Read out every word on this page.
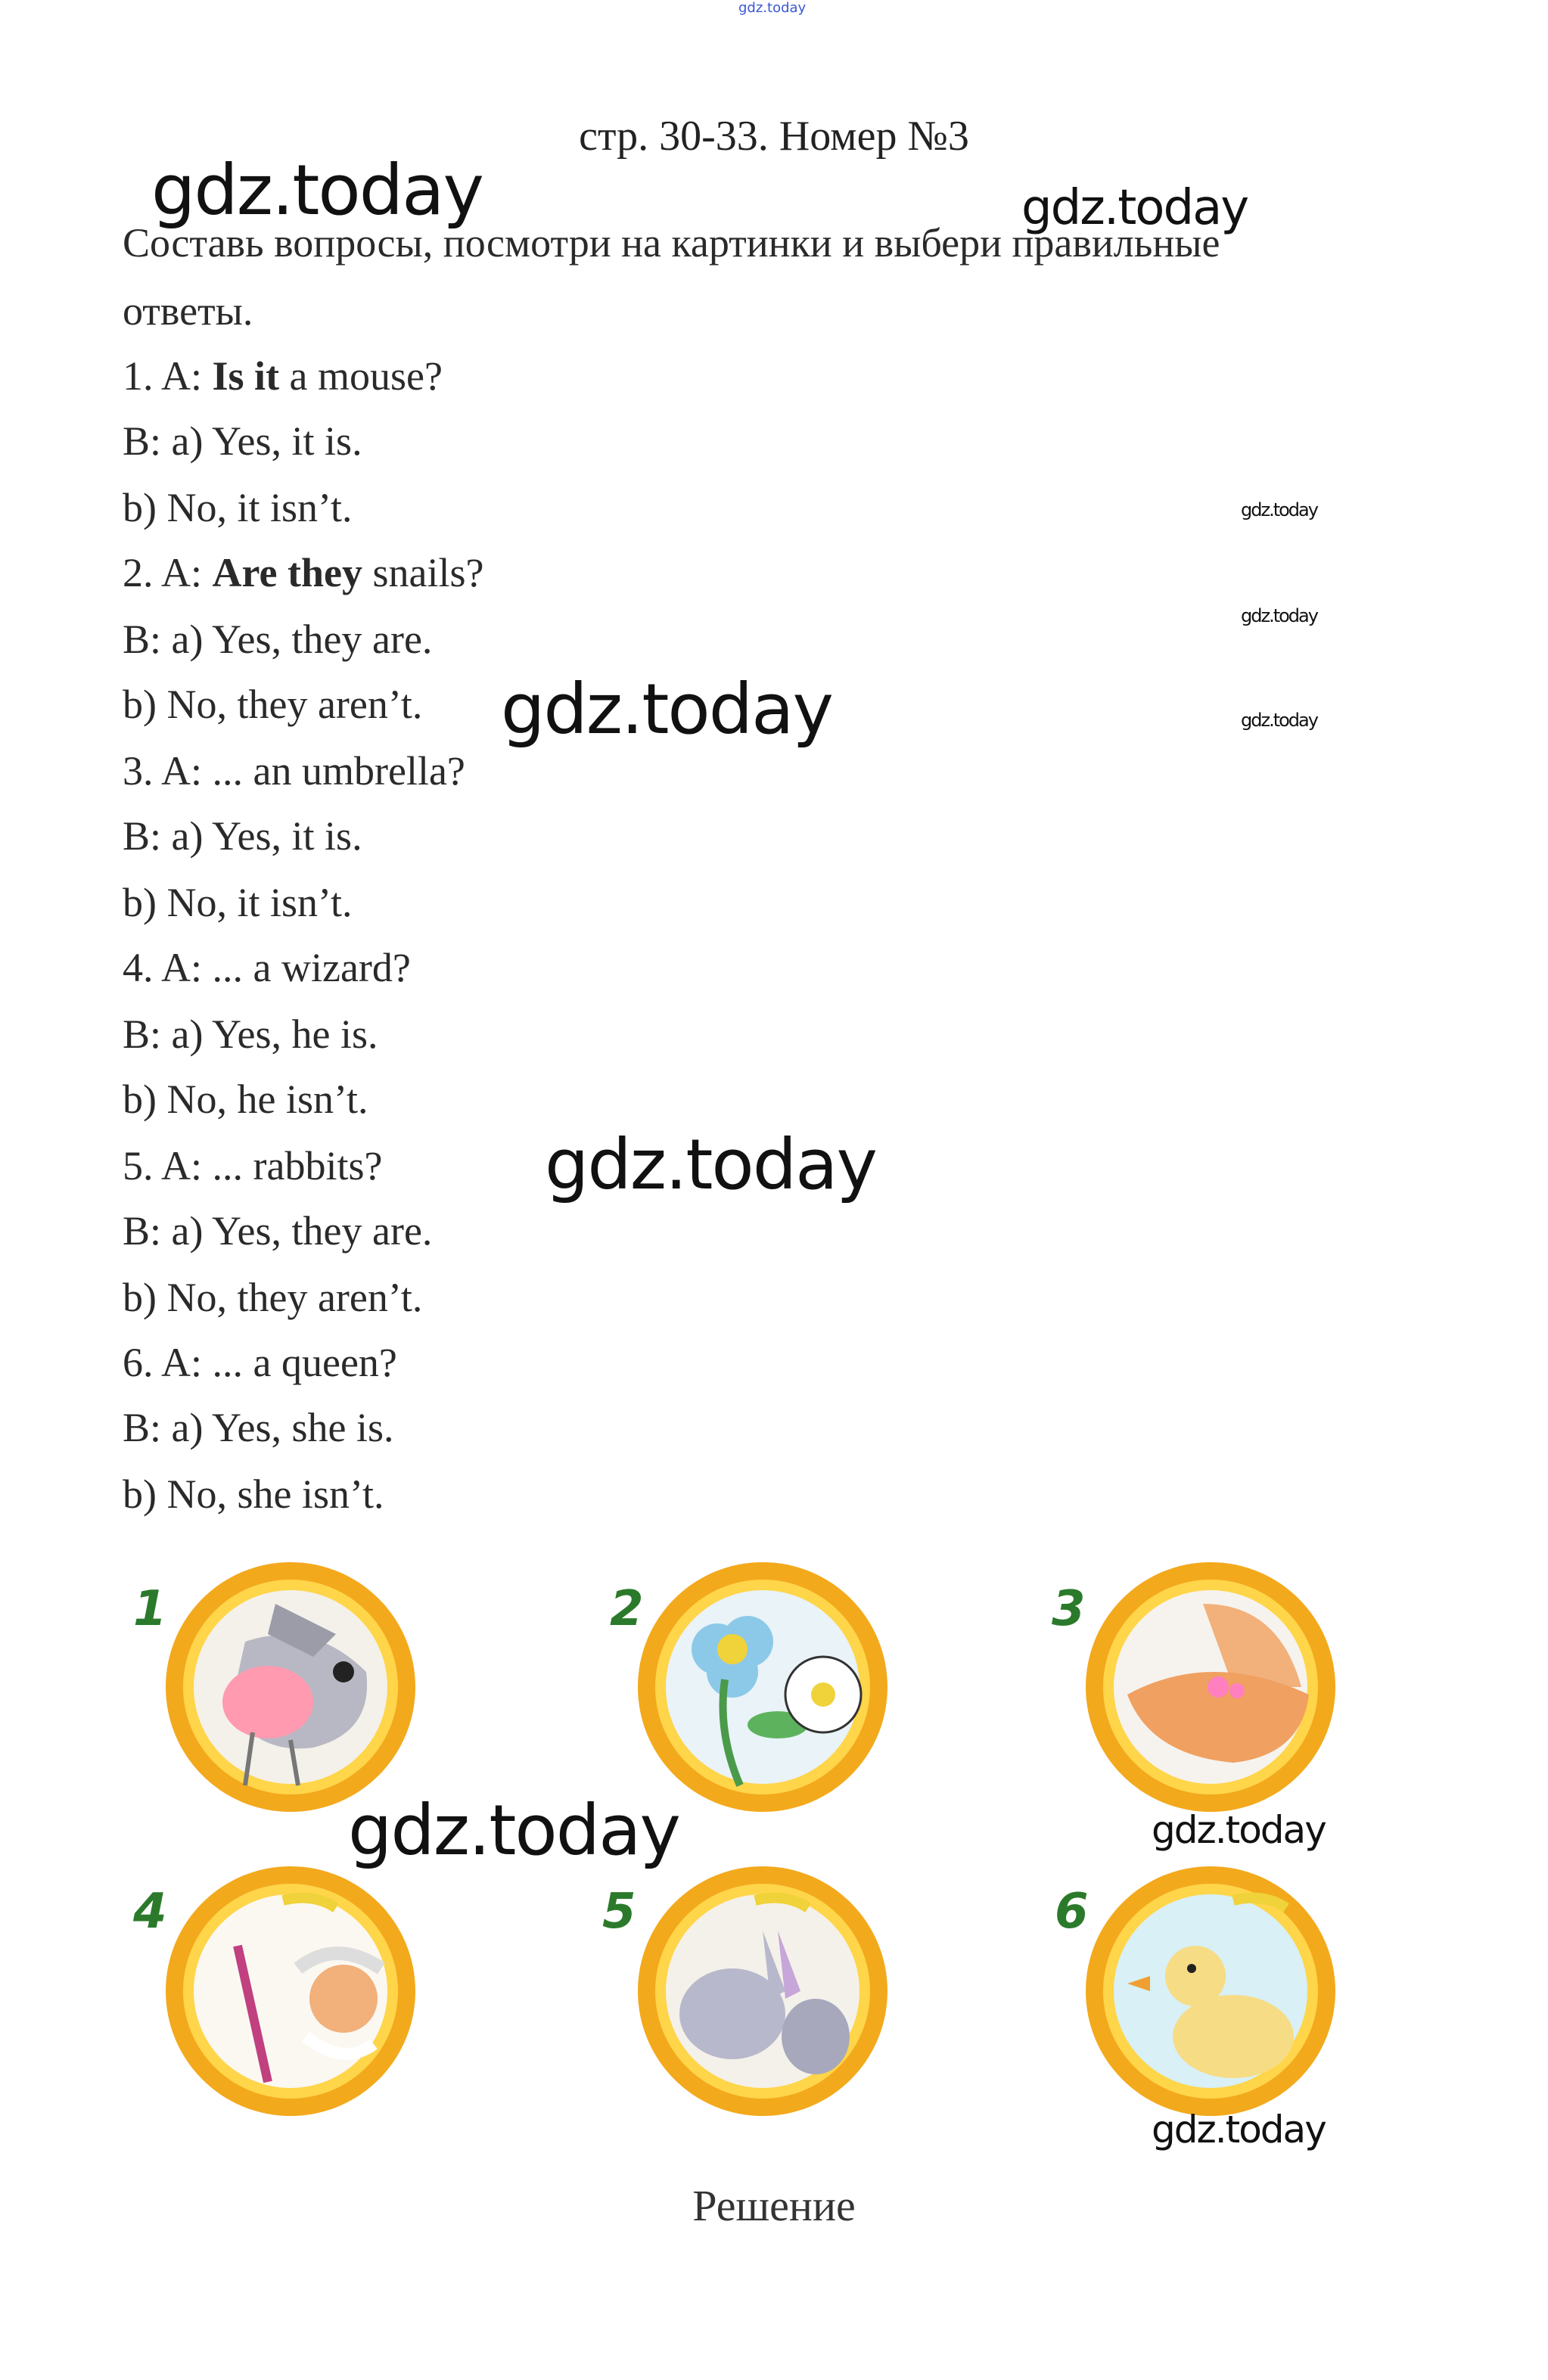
gdz.today
стр. 30-33. Номер №3
Составь вопросы, посмотри на картинки и выбери правильные
ответы.
1. A: Is it a mouse?
B: a) Yes, it is.
b) No, it isn’t.
2. A: Are they snails?
B: a) Yes, they are.
b) No, they aren’t.
3. A: ... an umbrella?
B: a) Yes, it is.
b) No, it isn’t.
4. A: ... a wizard?
B: a) Yes, he is.
b) No, he isn’t.
5. A: ... rabbits?
B: a) Yes, they are.
b) No, they aren’t.
6. A: ... a queen?
B: a) Yes, she is.
b) No, she isn’t.
1	2	3
4	5	6
gdz.today	gdz.today
gdz.today
gdz.today
gdz.today	gdz.today
gdz.today
gdz.today
gdz.today
gdz.today
Решение
